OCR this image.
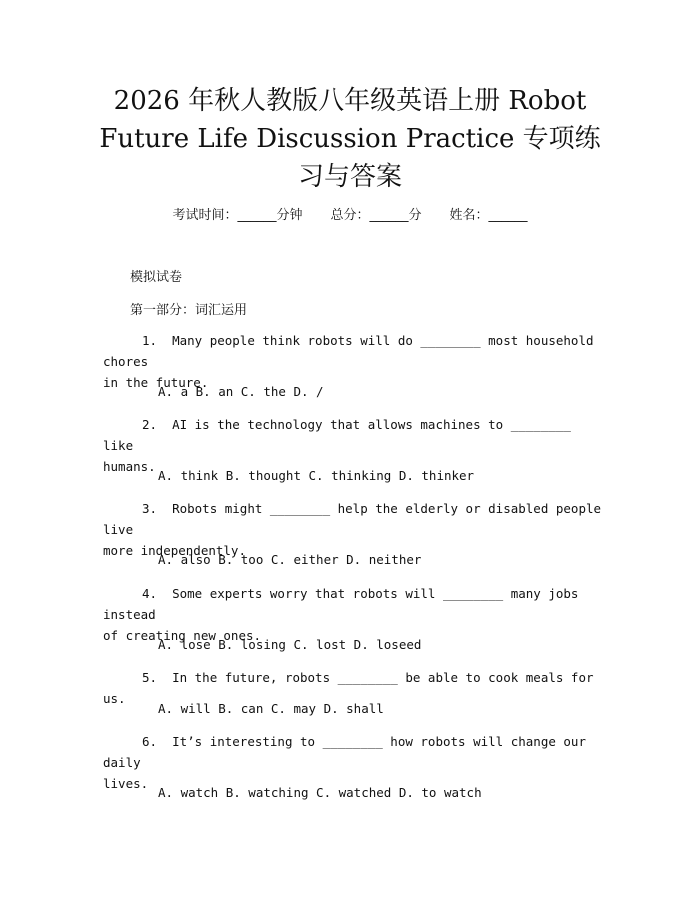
2026 年秋人教版八年级英语上册 Robot
Future Life Discussion Practice 专项练
习与答案
考试时间：______分钟 总分：______分 姓名：______
模拟试卷
第一部分：词汇运用
1. Many people think robots will do ________ most household chores
in the future.
A. a B. an C. the D. /
2. AI is the technology that allows machines to ________ like
humans.
A. think B. thought C. thinking D. thinker
3. Robots might ________ help the elderly or disabled people live
more independently.
A. also B. too C. either D. neither
4. Some experts worry that robots will ________ many jobs instead
of creating new ones.
A. lose B. losing C. lost D. loseed
5. In the future, robots ________ be able to cook meals for us.
A. will B. can C. may D. shall
6. It’s interesting to ________ how robots will change our daily
lives.
A. watch B. watching C. watched D. to watch
